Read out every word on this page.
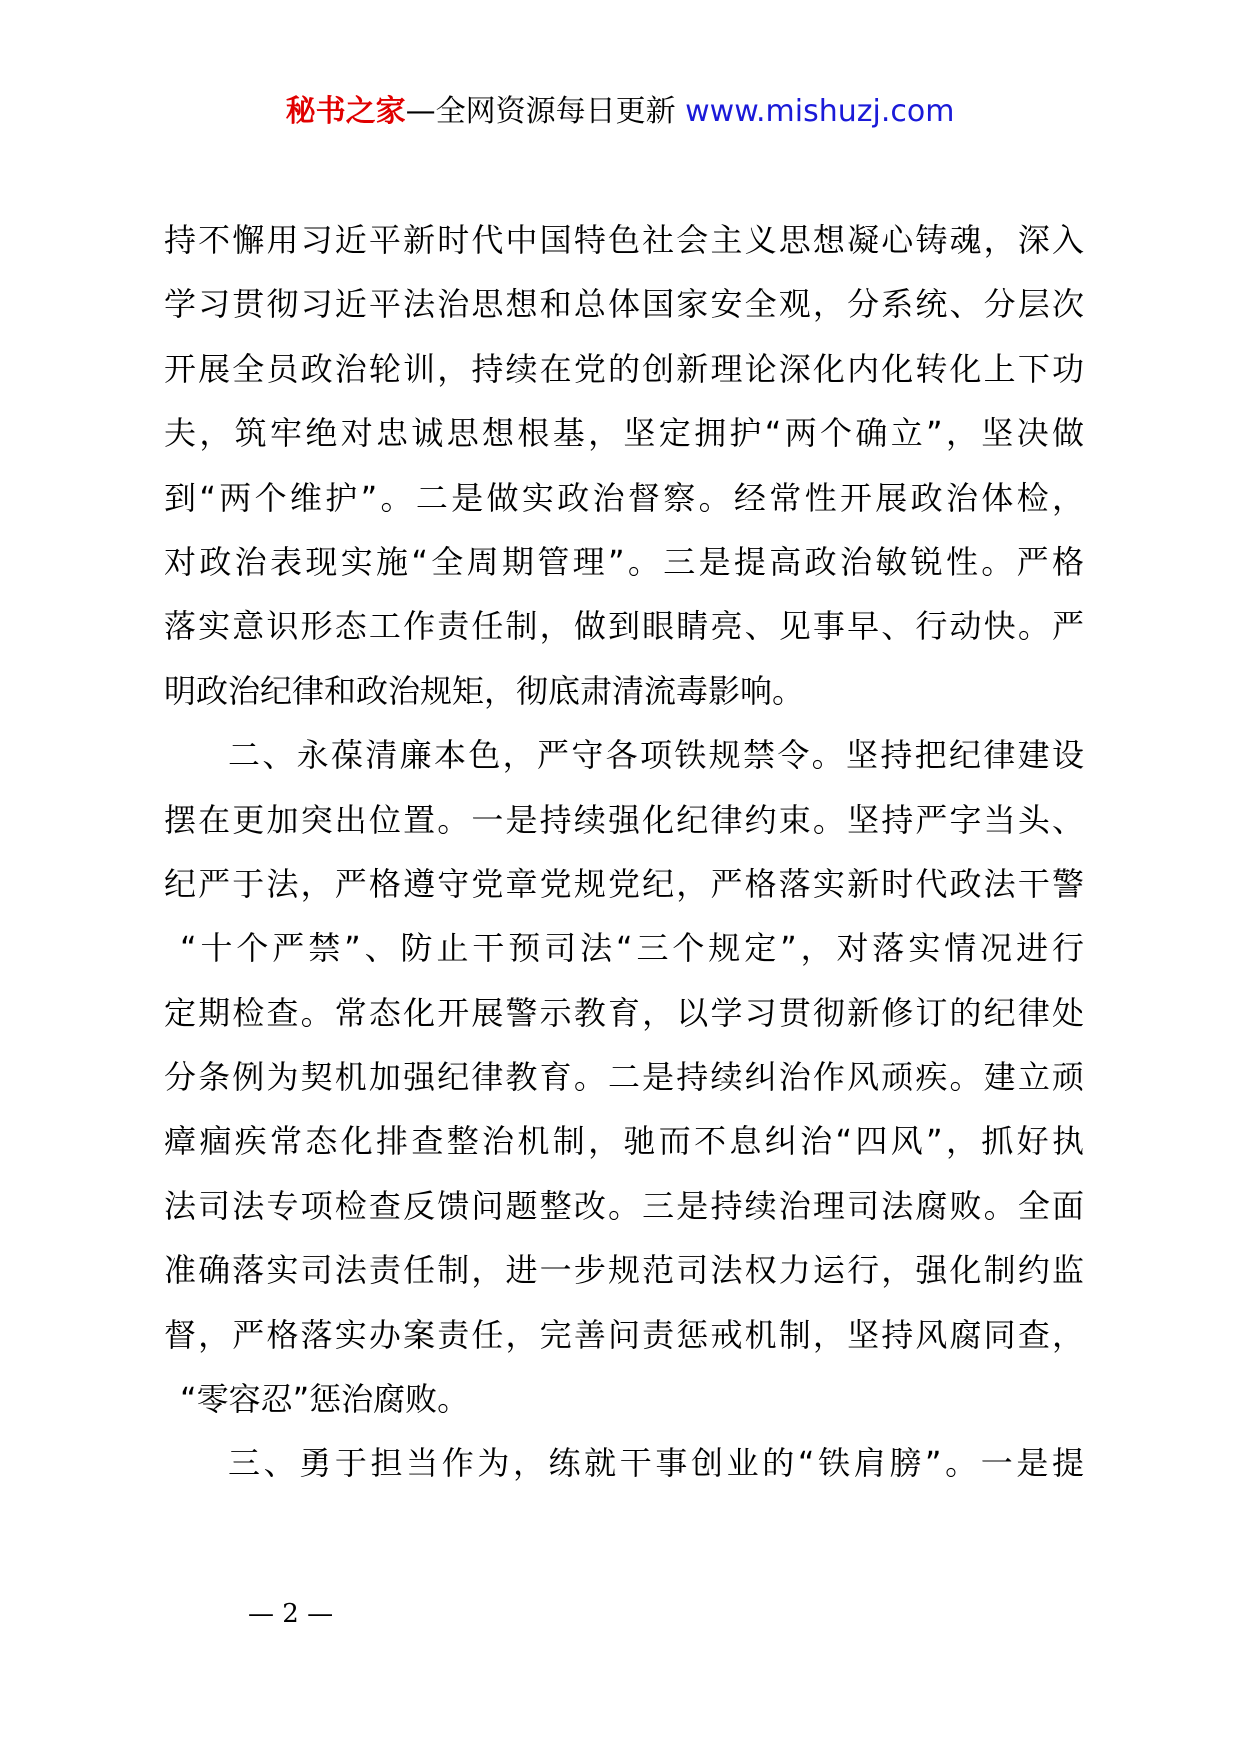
秘书之家—全网资源每日更新 www.mishuzj.com
持不懈用习近平新时代中国特色社会主义思想凝心铸魂，深入
学习贯彻习近平法治思想和总体国家安全观，分系统、分层次
开展全员政治轮训，持续在党的创新理论深化内化转化上下功
夫，筑牢绝对忠诚思想根基，坚定拥护“两个确立”，坚决做
到“两个维护”。二是做实政治督察。经常性开展政治体检，
对政治表现实施“全周期管理”。三是提高政治敏锐性。严格
落实意识形态工作责任制，做到眼睛亮、见事早、行动快。严
明政治纪律和政治规矩，彻底肃清流毒影响。
二、永葆清廉本色，严守各项铁规禁令。坚持把纪律建设
摆在更加突出位置。一是持续强化纪律约束。坚持严字当头、
纪严于法，严格遵守党章党规党纪，严格落实新时代政法干警
“十个严禁”、防止干预司法“三个规定”，对落实情况进行
定期检查。常态化开展警示教育，以学习贯彻新修订的纪律处
分条例为契机加强纪律教育。二是持续纠治作风顽疾。建立顽
瘴痼疾常态化排查整治机制，驰而不息纠治“四风”，抓好执
法司法专项检查反馈问题整改。三是持续治理司法腐败。全面
准确落实司法责任制，进一步规范司法权力运行，强化制约监
督，严格落实办案责任，完善问责惩戒机制，坚持风腐同查，
“零容忍”惩治腐败。
三、勇于担当作为，练就干事创业的“铁肩膀”。一是提
— 2 —
